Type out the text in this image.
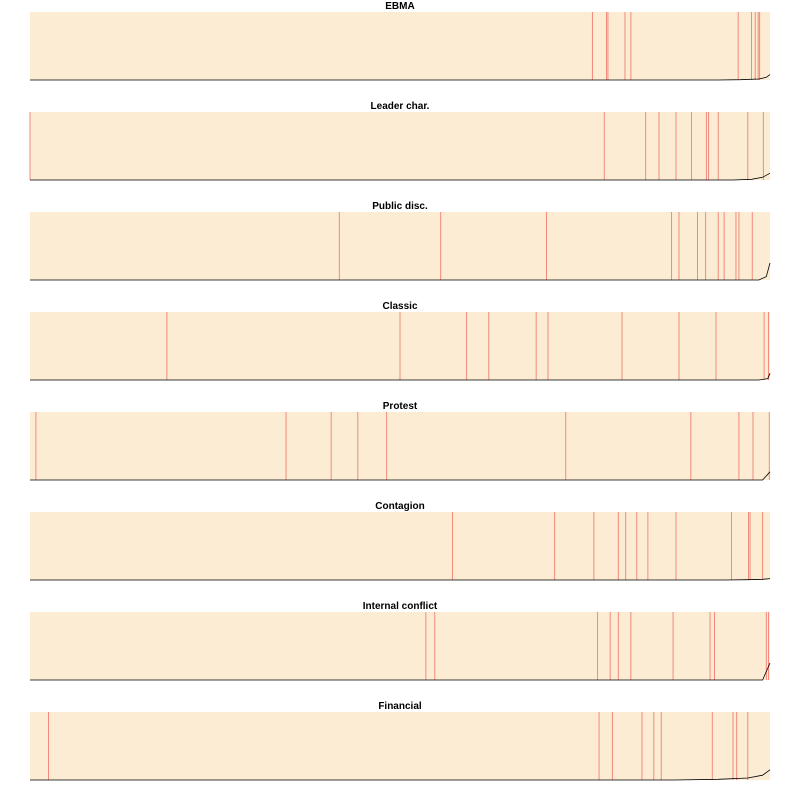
EBMA
Leader char.
Public disc.
Classic
Protest
Contagion
Internal conflict
Financial
